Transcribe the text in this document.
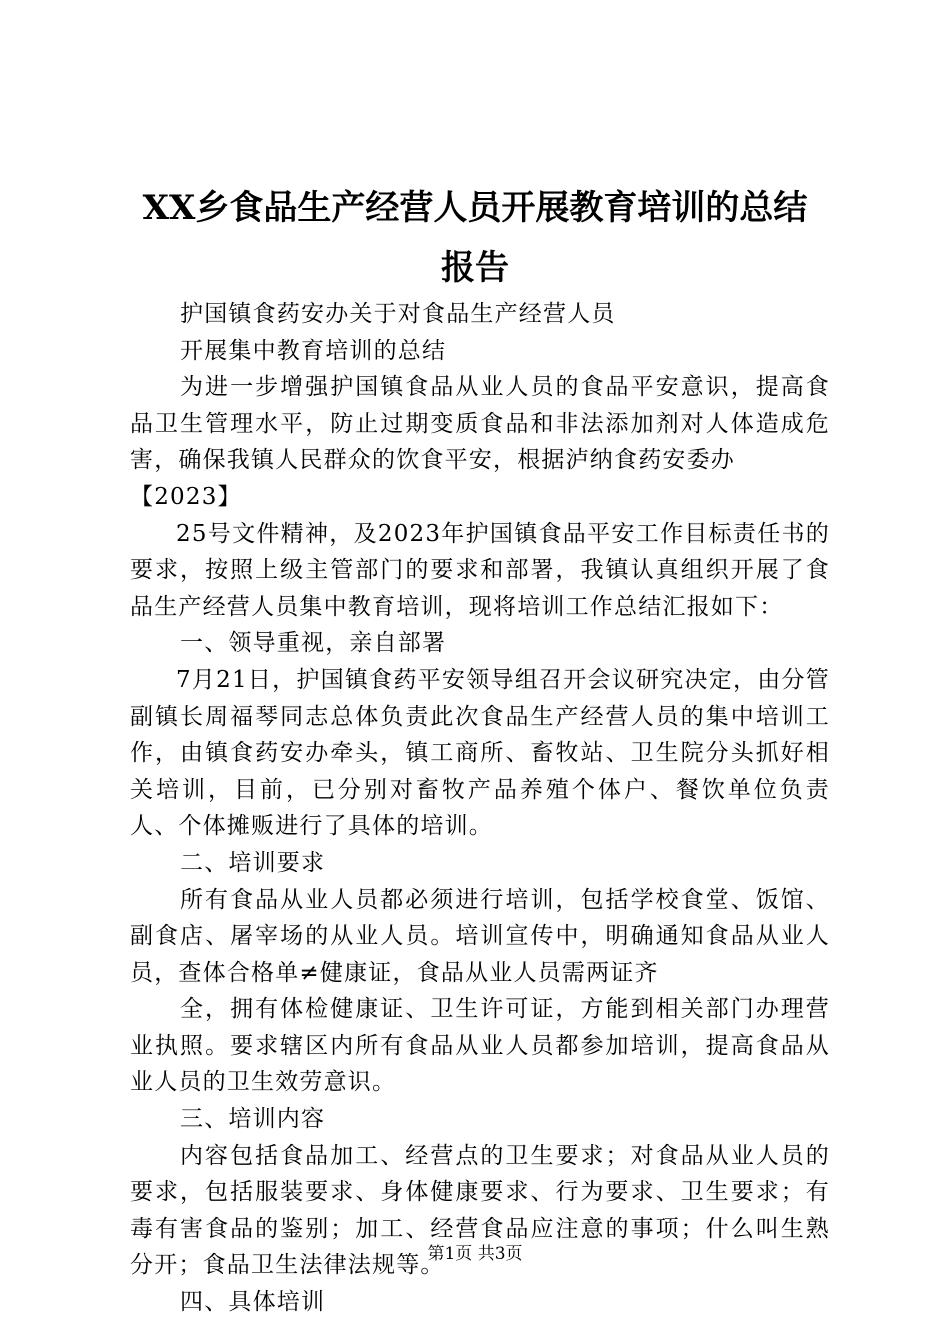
XX乡食品生产经营人员开展教育培训的总结
报告

护国镇食药安办关于对食品生产经营人员

开展集中教育培训的总结

为进一步增强护国镇食品从业人员的食品平安意识，提高食品卫生管理水平，防止过期变质食品和非法添加剂对人体造成危害，确保我镇人民群众的饮食平安，根据泸纳食药安委办

【2023】

25号文件精神，及2023年护国镇食品平安工作目标责任书的要求，按照上级主管部门的要求和部署，我镇认真组织开展了食品生产经营人员集中教育培训，现将培训工作总结汇报如下：

一、领导重视，亲自部署

7月21日，护国镇食药平安领导组召开会议研究决定，由分管副镇长周福琴同志总体负责此次食品生产经营人员的集中培训工作，由镇食药安办牵头，镇工商所、畜牧站、卫生院分头抓好相关培训，目前，已分别对畜牧产品养殖个体户、餐饮单位负责人、个体摊贩进行了具体的培训。

二、培训要求

所有食品从业人员都必须进行培训，包括学校食堂、饭馆、副食店、屠宰场的从业人员。培训宣传中，明确通知食品从业人员，查体合格单≠健康证，食品从业人员需两证齐

全，拥有体检健康证、卫生许可证，方能到相关部门办理营业执照。要求辖区内所有食品从业人员都参加培训，提高食品从业人员的卫生效劳意识。

三、培训内容

内容包括食品加工、经营点的卫生要求；对食品从业人员的要求，包括服装要求、身体健康要求、行为要求、卫生要求；有毒有害食品的鉴别；加工、经营食品应注意的事项；什么叫生熟分开；食品卫生法律法规等。

四、具体培训

第1页 共3页
